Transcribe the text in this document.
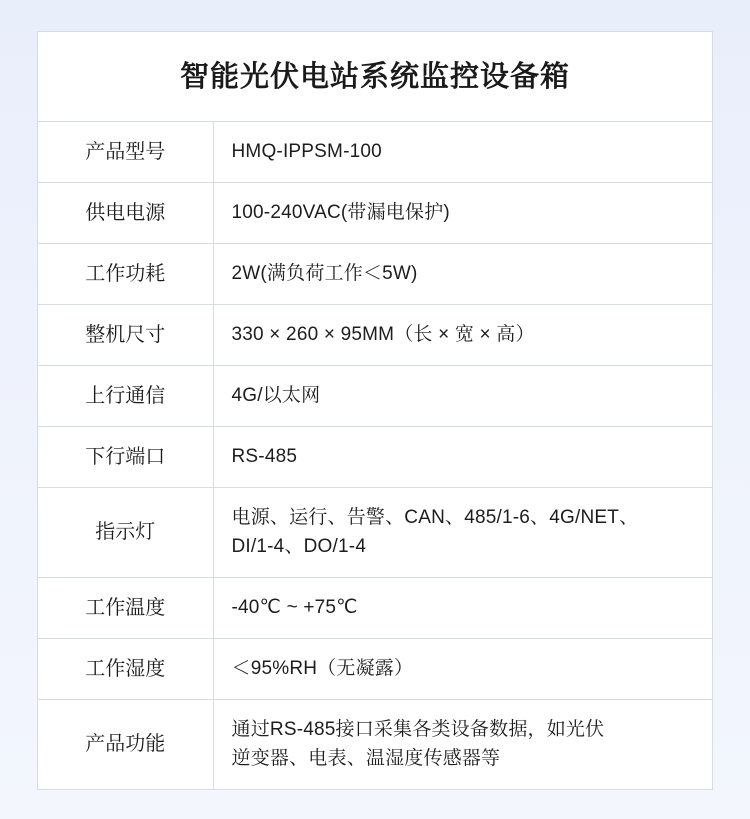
智能光伏电站系统监控设备箱
产品型号	HMQ-IPPSM-100

供电电源	100-240VAC(带漏电保护)

工作功耗	2W(满负荷工作＜5W)

整机尺寸	330 × 260 × 95MM（长 × 宽 × 高）

上行通信	4G/以太网

下行端口	RS-485

指示灯	电源、运行、告警、CAN、485/1-6、4G/NET、
DI/1-4、DO/1-4

工作温度	-40℃ ~ +75℃

工作湿度	＜95%RH（无凝露）

产品功能	通过RS-485接口采集各类设备数据，如光伏
逆变器、电表、温湿度传感器等
